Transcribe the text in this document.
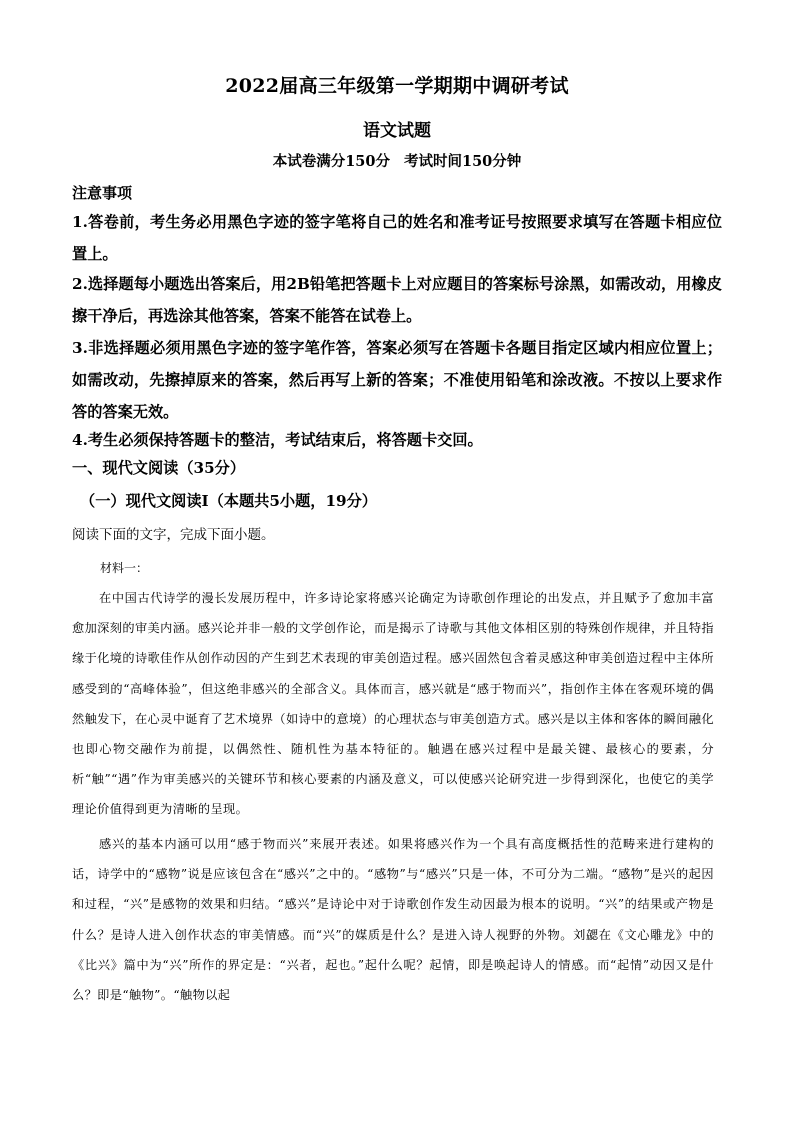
2022届高三年级第一学期期中调研考试
语文试题
本试卷满分150分 考试时间150分钟
注意事项
1.答卷前，考生务必用黑色字迹的签字笔将自己的姓名和准考证号按照要求填写在答题卡相应位置上。
2.选择题每小题选出答案后，用2B铅笔把答题卡上对应题目的答案标号涂黑，如需改动，用橡皮擦干净后，再选涂其他答案，答案不能答在试卷上。
3.非选择题必须用黑色字迹的签字笔作答，答案必须写在答题卡各题目指定区域内相应位置上；如需改动，先擦掉原来的答案，然后再写上新的答案；不准使用铅笔和涂改液。不按以上要求作答的答案无效。
4.考生必须保持答题卡的整洁，考试结束后，将答题卡交回。
一、现代文阅读（35分）
（一）现代文阅读I（本题共5小题，19分）
阅读下面的文字，完成下面小题。
材料一：
在中国古代诗学的漫长发展历程中，许多诗论家将感兴论确定为诗歌创作理论的出发点，并且赋予了愈加丰富愈加深刻的审美内涵。感兴论并非一般的文学创作论，而是揭示了诗歌与其他文体相区别的特殊创作规律，并且特指缘于化境的诗歌佳作从创作动因的产生到艺术表现的审美创造过程。感兴固然包含着灵感这种审美创造过程中主体所感受到的“高峰体验”，但这绝非感兴的全部含义。具体而言，感兴就是“感于物而兴”，指创作主体在客观环境的偶然触发下，在心灵中诞育了艺术境界（如诗中的意境）的心理状态与审美创造方式。感兴是以主体和客体的瞬间融化也即心物交融作为前提，以偶然性、随机性为基本特征的。触遇在感兴过程中是最关键、最核心的要素，分析“触”“遇”作为审美感兴的关键环节和核心要素的内涵及意义，可以使感兴论研究进一步得到深化，也使它的美学理论价值得到更为清晰的呈现。
感兴的基本内涵可以用“感于物而兴”来展开表述。如果将感兴作为一个具有高度概括性的范畴来进行建构的话，诗学中的“感物”说是应该包含在“感兴”之中的。“感物”与“感兴”只是一体，不可分为二端。“感物”是兴的起因和过程，“兴”是感物的效果和归结。“感兴”是诗论中对于诗歌创作发生动因最为根本的说明。“兴”的结果或产物是什么？是诗人进入创作状态的审美情感。而“兴”的媒质是什么？是进入诗人视野的外物。刘勰在《文心雕龙》中的《比兴》篇中为“兴”所作的界定是：“兴者，起也。”起什么呢？起情，即是唤起诗人的情感。而“起情”动因又是什么？即是“触物”。“触物以起
